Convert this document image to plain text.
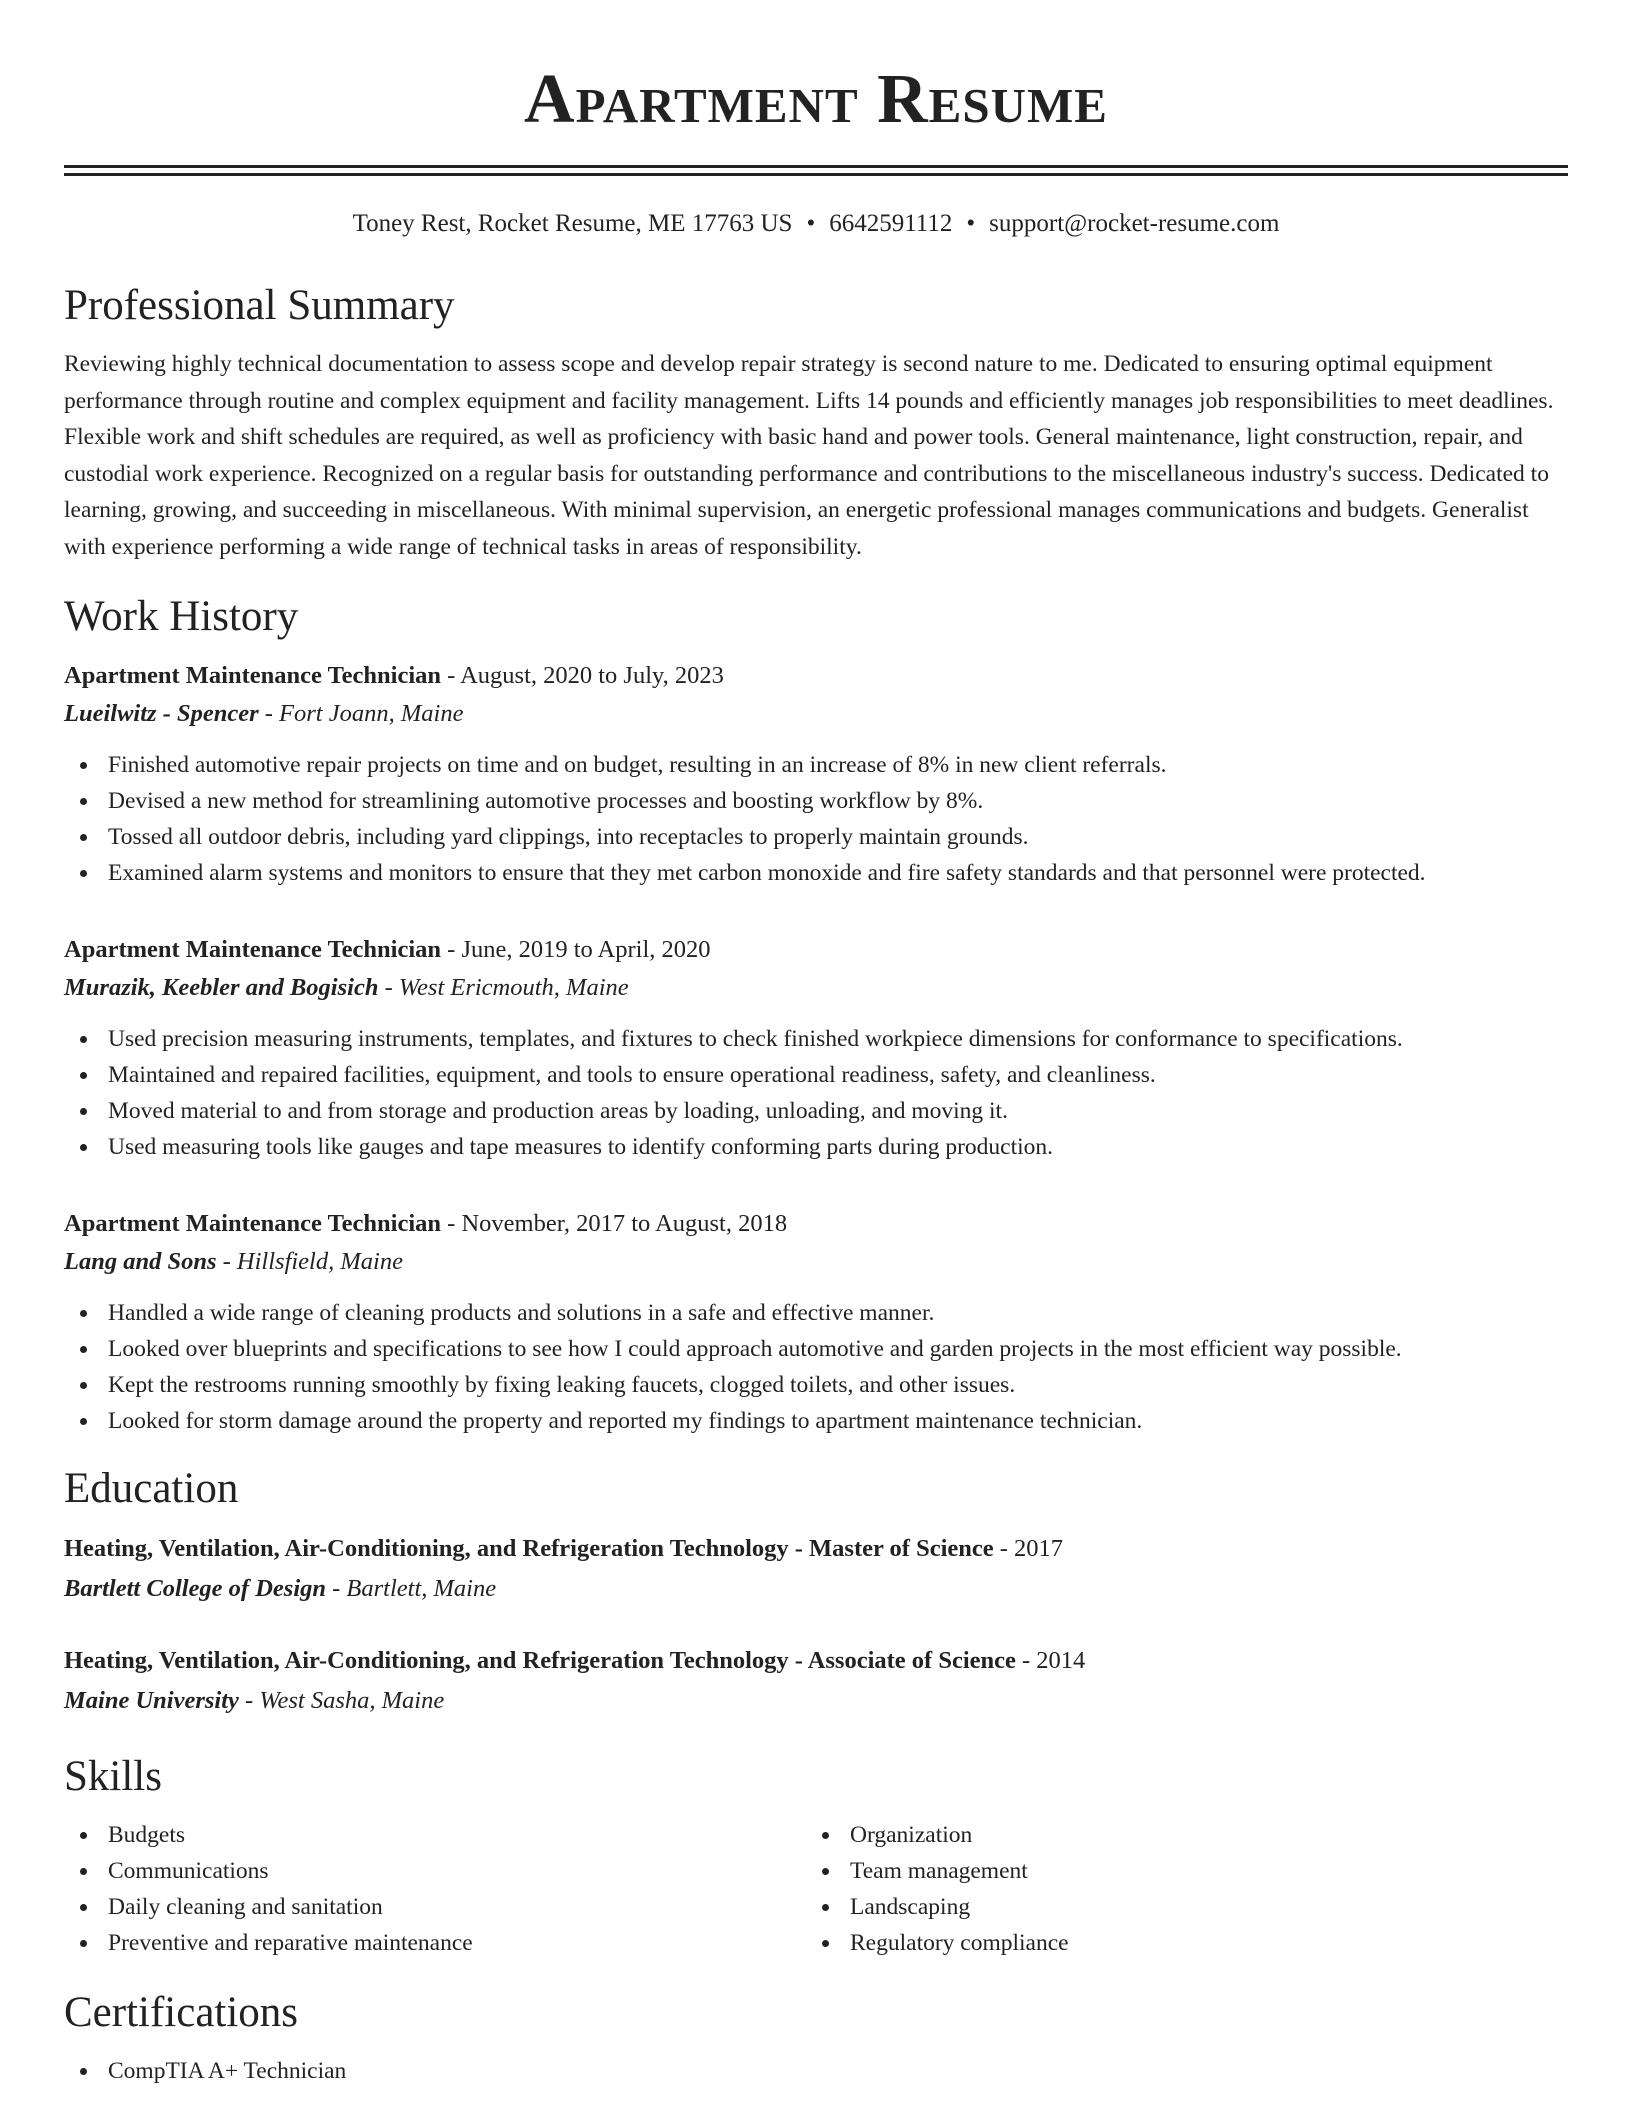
Apartment Resume
Toney Rest, Rocket Resume, ME 17763 US • 6642591112 • support@rocket-resume.com
Professional Summary

Reviewing highly technical documentation to assess scope and develop repair strategy is second nature to me. Dedicated to ensuring optimal equipment performance through routine and complex equipment and facility management. Lifts 14 pounds and efficiently manages job responsibilities to meet deadlines. Flexible work and shift schedules are required, as well as proficiency with basic hand and power tools. General maintenance, light construction, repair, and custodial work experience. Recognized on a regular basis for outstanding performance and contributions to the miscellaneous industry's success. Dedicated to learning, growing, and succeeding in miscellaneous. With minimal supervision, an energetic professional manages communications and budgets. Generalist with experience performing a wide range of technical tasks in areas of responsibility.

Work History
Apartment Maintenance Technician - August, 2020 to July, 2023
Lueilwitz - Spencer - Fort Joann, Maine
Finished automotive repair projects on time and on budget, resulting in an increase of 8% in new client referrals.
Devised a new method for streamlining automotive processes and boosting workflow by 8%.
Tossed all outdoor debris, including yard clippings, into receptacles to properly maintain grounds.
Examined alarm systems and monitors to ensure that they met carbon monoxide and fire safety standards and that personnel were protected.
Apartment Maintenance Technician - June, 2019 to April, 2020
Murazik, Keebler and Bogisich - West Ericmouth, Maine
Used precision measuring instruments, templates, and fixtures to check finished workpiece dimensions for conformance to specifications.
Maintained and repaired facilities, equipment, and tools to ensure operational readiness, safety, and cleanliness.
Moved material to and from storage and production areas by loading, unloading, and moving it.
Used measuring tools like gauges and tape measures to identify conforming parts during production.
Apartment Maintenance Technician - November, 2017 to August, 2018
Lang and Sons - Hillsfield, Maine
Handled a wide range of cleaning products and solutions in a safe and effective manner.
Looked over blueprints and specifications to see how I could approach automotive and garden projects in the most efficient way possible.
Kept the restrooms running smoothly by fixing leaking faucets, clogged toilets, and other issues.
Looked for storm damage around the property and reported my findings to apartment maintenance technician.
Education
Heating, Ventilation, Air-Conditioning, and Refrigeration Technology - Master of Science - 2017
Bartlett College of Design - Bartlett, Maine
Heating, Ventilation, Air-Conditioning, and Refrigeration Technology - Associate of Science - 2014
Maine University - West Sasha, Maine
Skills
Budgets
Communications
Daily cleaning and sanitation
Preventive and reparative maintenance
Organization
Team management
Landscaping
Regulatory compliance
Certifications
CompTIA A+ Technician
